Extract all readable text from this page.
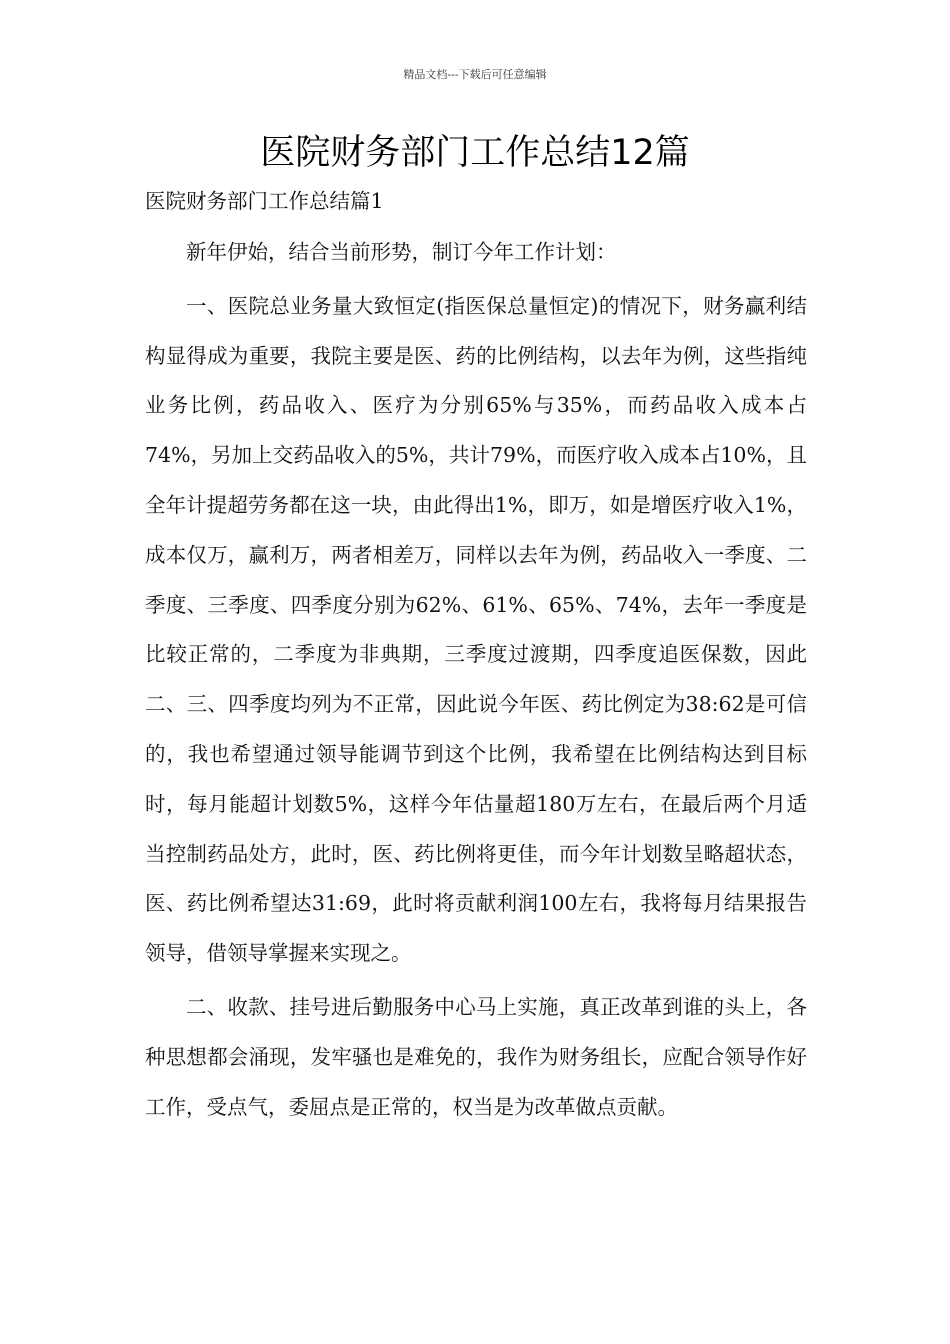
精品文档---下载后可任意编辑
医院财务部门工作总结12篇
医院财务部门工作总结篇1

新年伊始，结合当前形势，制订今年工作计划：

一、医院总业务量大致恒定(指医保总量恒定)的情况下，财务赢利结构显得成为重要，我院主要是医、药的比例结构，以去年为例，这些指纯业务比例，药品收入、医疗为分别65%与35%，而药品收入成本占74%，另加上交药品收入的5%，共计79%，而医疗收入成本占10%，且全年计提超劳务都在这一块，由此得出1%，即万，如是增医疗收入1%，成本仅万，赢利万，两者相差万，同样以去年为例，药品收入一季度、二季度、三季度、四季度分别为62%、61%、65%、74%，去年一季度是比较正常的，二季度为非典期，三季度过渡期，四季度追医保数，因此二、三、四季度均列为不正常，因此说今年医、药比例定为38:62是可信的，我也希望通过领导能调节到这个比例，我希望在比例结构达到目标时，每月能超计划数5%，这样今年估量超180万左右，在最后两个月适当控制药品处方，此时，医、药比例将更佳，而今年计划数呈略超状态，医、药比例希望达31:69，此时将贡献利润100左右，我将每月结果报告领导，借领导掌握来实现之。

二、收款、挂号进后勤服务中心马上实施，真正改革到谁的头上，各种思想都会涌现，发牢骚也是难免的，我作为财务组长，应配合领导作好工作，受点气，委屈点是正常的，权当是为改革做点贡献。
